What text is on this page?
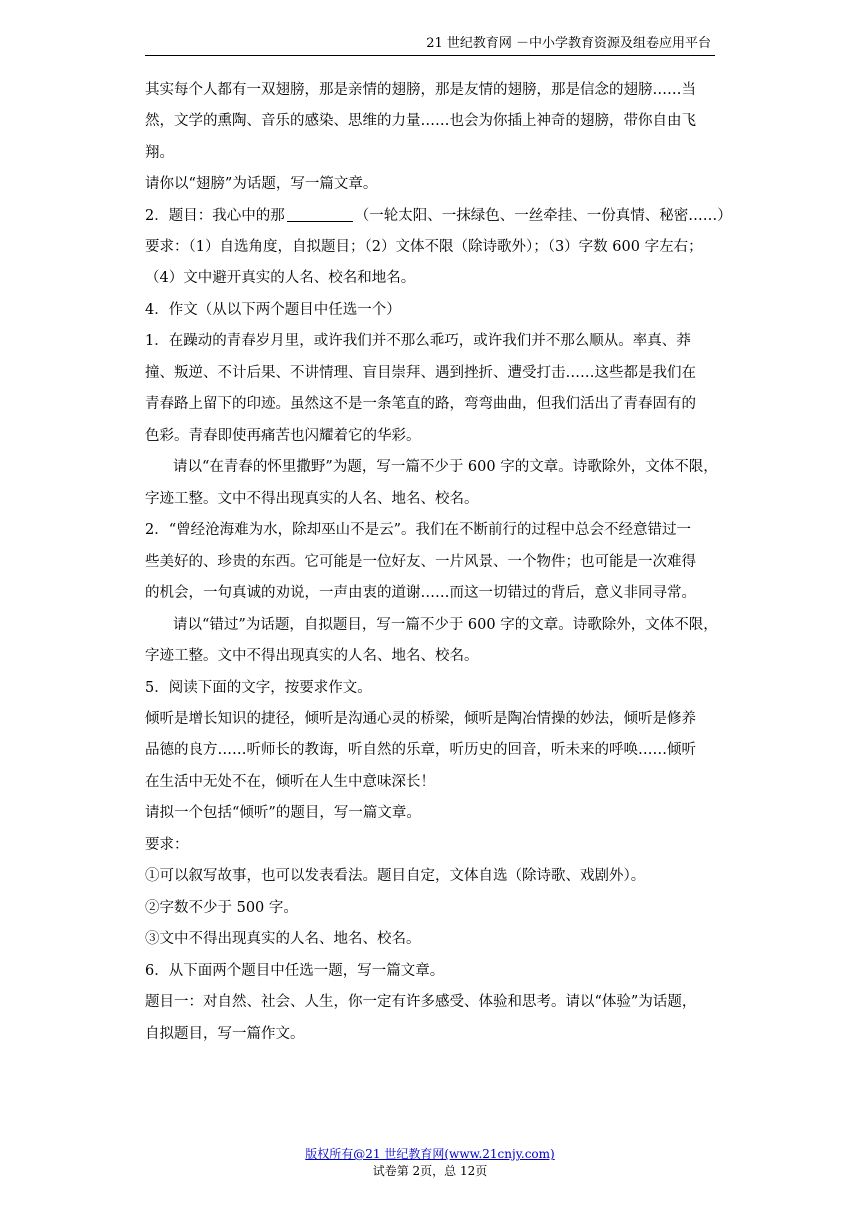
21 世纪教育网 －中小学教育资源及组卷应用平台
其实每个人都有一双翅膀，那是亲情的翅膀，那是友情的翅膀，那是信念的翅膀……当
然，文学的熏陶、音乐的感染、思维的力量……也会为你插上神奇的翅膀，带你自由飞
翔。
请你以“翅膀”为话题，写一篇文章。
2．题目：我心中的那	（一轮太阳、一抹绿色、一丝牵挂、一份真情、秘密……）
要求：（1）自选角度，自拟题目；（2）文体不限（除诗歌外）；（3）字数 600 字左右；
（4）文中避开真实的人名、校名和地名。
4．作文（从以下两个题目中任选一个）
1．在躁动的青春岁月里，或许我们并不那么乖巧，或许我们并不那么顺从。率真、莽
撞、叛逆、不计后果、不讲情理、盲目崇拜、遇到挫折、遭受打击……这些都是我们在
青春路上留下的印迹。虽然这不是一条笔直的路，弯弯曲曲，但我们活出了青春固有的
色彩。青春即使再痛苦也闪耀着它的华彩。
请以“在青春的怀里撒野”为题，写一篇不少于 600 字的文章。诗歌除外，文体不限，
字迹工整。文中不得出现真实的人名、地名、校名。
2．“曾经沧海难为水，除却巫山不是云”。我们在不断前行的过程中总会不经意错过一
些美好的、珍贵的东西。它可能是一位好友、一片风景、一个物件；也可能是一次难得
的机会，一句真诚的劝说，一声由衷的道谢……而这一切错过的背后，意义非同寻常。
请以“错过”为话题，自拟题目，写一篇不少于 600 字的文章。诗歌除外，文体不限，
字迹工整。文中不得出现真实的人名、地名、校名。
5．阅读下面的文字，按要求作文。
倾听是增长知识的捷径，倾听是沟通心灵的桥梁，倾听是陶冶情操的妙法，倾听是修养
品德的良方……听师长的教诲，听自然的乐章，听历史的回音，听未来的呼唤……倾听
在生活中无处不在，倾听在人生中意味深长！
请拟一个包括“倾听”的题目，写一篇文章。
要求：
①可以叙写故事，也可以发表看法。题目自定，文体自选（除诗歌、戏剧外）。
②字数不少于 500 字。
③文中不得出现真实的人名、地名、校名。
6．从下面两个题目中任选一题，写一篇文章。
题目一：对自然、社会、人生，你一定有许多感受、体验和思考。请以“体验”为话题，
自拟题目，写一篇作文。
版权所有@21 世纪教育网(www.21cnjy.com)
试卷第 2页，总 12页
